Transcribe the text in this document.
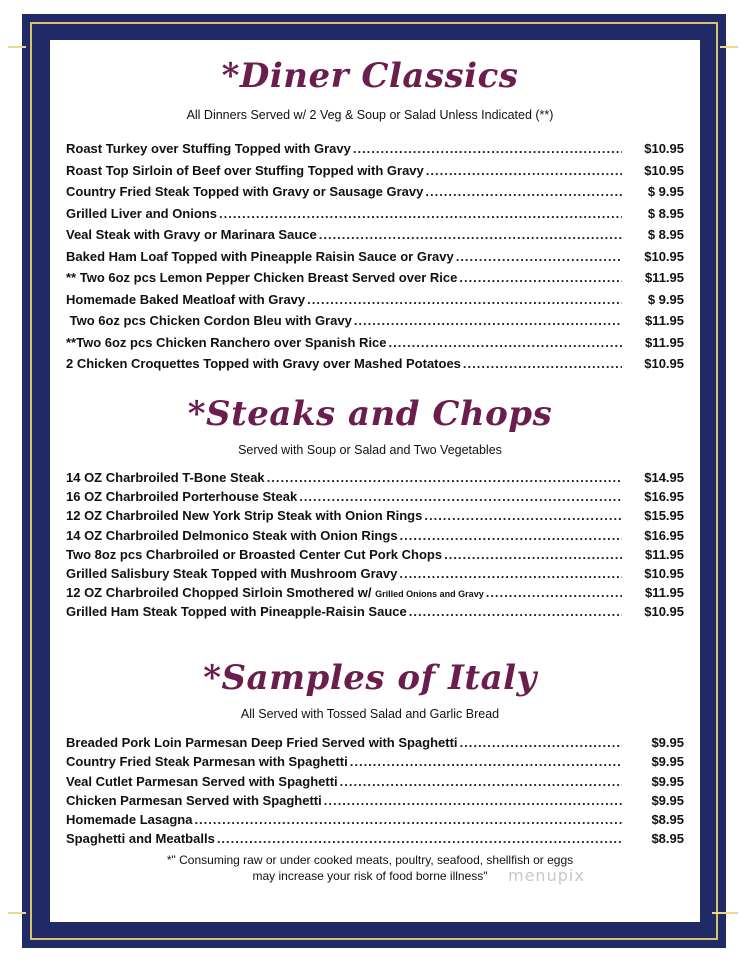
*Diner Classics
All Dinners Served w/ 2 Veg & Soup or Salad Unless Indicated (**)
Roast Turkey over Stuffing Topped with Gravy .....	$10.95
Roast Top Sirloin of Beef over Stuffing Topped with Gravy .....	$10.95
Country Fried Steak Topped with Gravy or Sausage Gravy .....	$ 9.95
Grilled Liver and Onions .....	$ 8.95
Veal Steak with Gravy or Marinara Sauce .....	$ 8.95
Baked Ham Loaf Topped with Pineapple Raisin Sauce or Gravy .....	$10.95
** Two 6oz pcs Lemon Pepper Chicken Breast Served over Rice .....	$11.95
Homemade Baked Meatloaf with Gravy .....	$ 9.95
Two 6oz pcs Chicken Cordon Bleu with Gravy .....	$11.95
**Two 6oz pcs Chicken Ranchero over Spanish Rice .....	$11.95
2 Chicken Croquettes Topped with Gravy over Mashed Potatoes .....	$10.95
*Steaks and Chops
Served with Soup or Salad and Two Vegetables
14 OZ Charbroiled T-Bone Steak .....	$14.95
16 OZ Charbroiled Porterhouse Steak .....	$16.95
12 OZ Charbroiled New York Strip Steak with Onion Rings .....	$15.95
14 OZ Charbroiled Delmonico Steak with Onion Rings .....	$16.95
Two 8oz pcs Charbroiled or Broasted Center Cut Pork Chops .....	$11.95
Grilled Salisbury Steak Topped with Mushroom Gravy .....	$10.95
12 OZ Charbroiled Chopped Sirloin Smothered w/
Grilled Onions and Gravy .....	$11.95
Grilled Ham Steak Topped with Pineapple-Raisin Sauce .....	$10.95
*Samples of Italy
All Served with Tossed Salad and Garlic Bread
Breaded Pork Loin Parmesan Deep Fried Served with Spaghetti .....	$9.95
Country Fried Steak Parmesan with Spaghetti .....	$9.95
Veal Cutlet Parmesan Served with Spaghetti .....	$9.95
Chicken Parmesan Served with Spaghetti .....	$9.95
Homemade Lasagna .....	$8.95
Spaghetti and Meatballs .....	$8.95
*" Consuming raw or under cooked meats, poultry, seafood, shellfish or eggs
may increase your risk of food borne illness"	menupix
